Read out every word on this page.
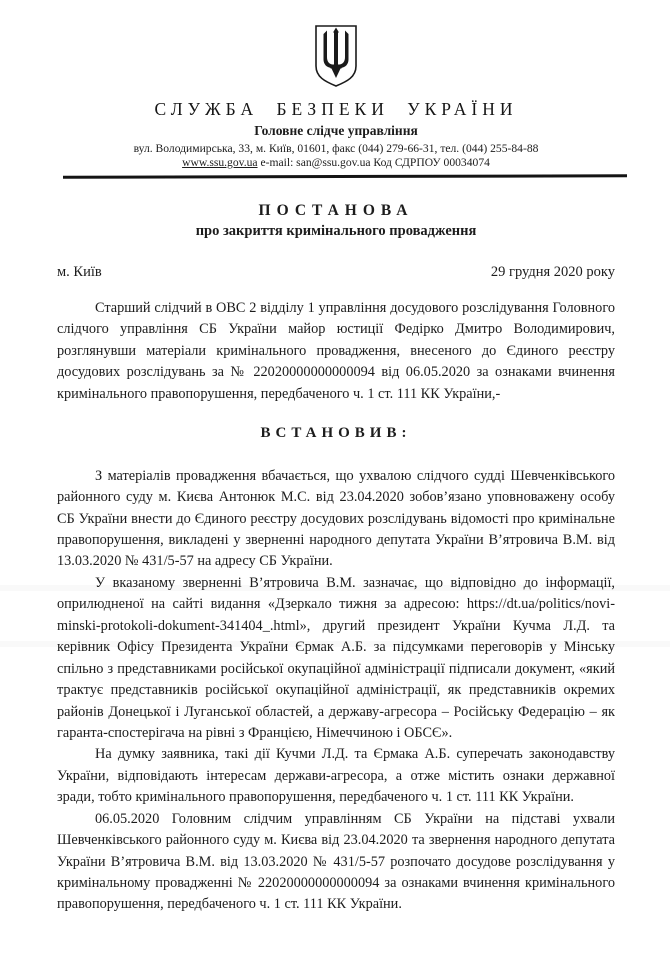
СЛУЖБА БЕЗПЕКИ УКРАЇНИ
Головне слідче управління
вул. Володимирська, 33, м. Київ, 01601, факс (044) 279-66-31, тел. (044) 255-84-88
www.ssu.gov.ua e-mail: san@ssu.gov.ua Код СДРПОУ 00034074
ПОСТАНОВА
про закриття кримінального провадження
м. Київ	29 грудня 2020 року

Старший слідчий в ОВС 2 відділу 1 управління досудового розслідування Головного слідчого управління СБ України майор юстиції Федірко Дмитро Володимирович, розглянувши матеріали кримінального провадження, внесеного до Єдиного реєстру досудових розслідувань за № 22020000000000094 від 06.05.2020 за ознаками вчинення кримінального правопорушення, передбаченого ч. 1 ст. 111 КК України,-

ВСТАНОВИВ:

З матеріалів провадження вбачається, що ухвалою слідчого судді Шевченківського районного суду м. Києва Антонюк М.С. від 23.04.2020 зобов’язано уповноважену особу СБ України внести до Єдиного реєстру досудових розслідувань відомості про кримінальне правопорушення, викладені у зверненні народного депутата України В’ятровича В.М. від 13.03.2020 № 431/5-57 на адресу СБ України.

У вказаному зверненні В’ятровича В.М. зазначає, що відповідно до інформації, оприлюдненої на сайті видання «Дзеркало тижня за адресою: https://dt.ua/politics/novi-minski-protokoli-dokument-341404_.html», другий президент України Кучма Л.Д. та керівник Офісу Президента України Єрмак А.Б. за підсумками переговорів у Мінську спільно з представниками російської окупаційної адміністрації підписали документ, «який трактує представників російської окупаційної адміністрації, як представників окремих районів Донецької і Луганської областей, а державу-агресора – Російську Федерацію – як гаранта-спостерігача на рівні з Францією, Німеччиною і ОБСЄ».

На думку заявника, такі дії Кучми Л.Д. та Єрмака А.Б. суперечать законодавству України, відповідають інтересам держави-агресора, а отже містить ознаки державної зради, тобто кримінального правопорушення, передбаченого ч. 1 ст. 111 КК України.

06.05.2020 Головним слідчим управлінням СБ України на підставі ухвали Шевченківського районного суду м. Києва від 23.04.2020 та звернення народного депутата України В’ятровича В.М. від 13.03.2020 № 431/5-57 розпочато досудове розслідування у кримінальному провадженні № 22020000000000094 за ознаками вчинення кримінального правопорушення, передбаченого ч. 1 ст. 111 КК України.
